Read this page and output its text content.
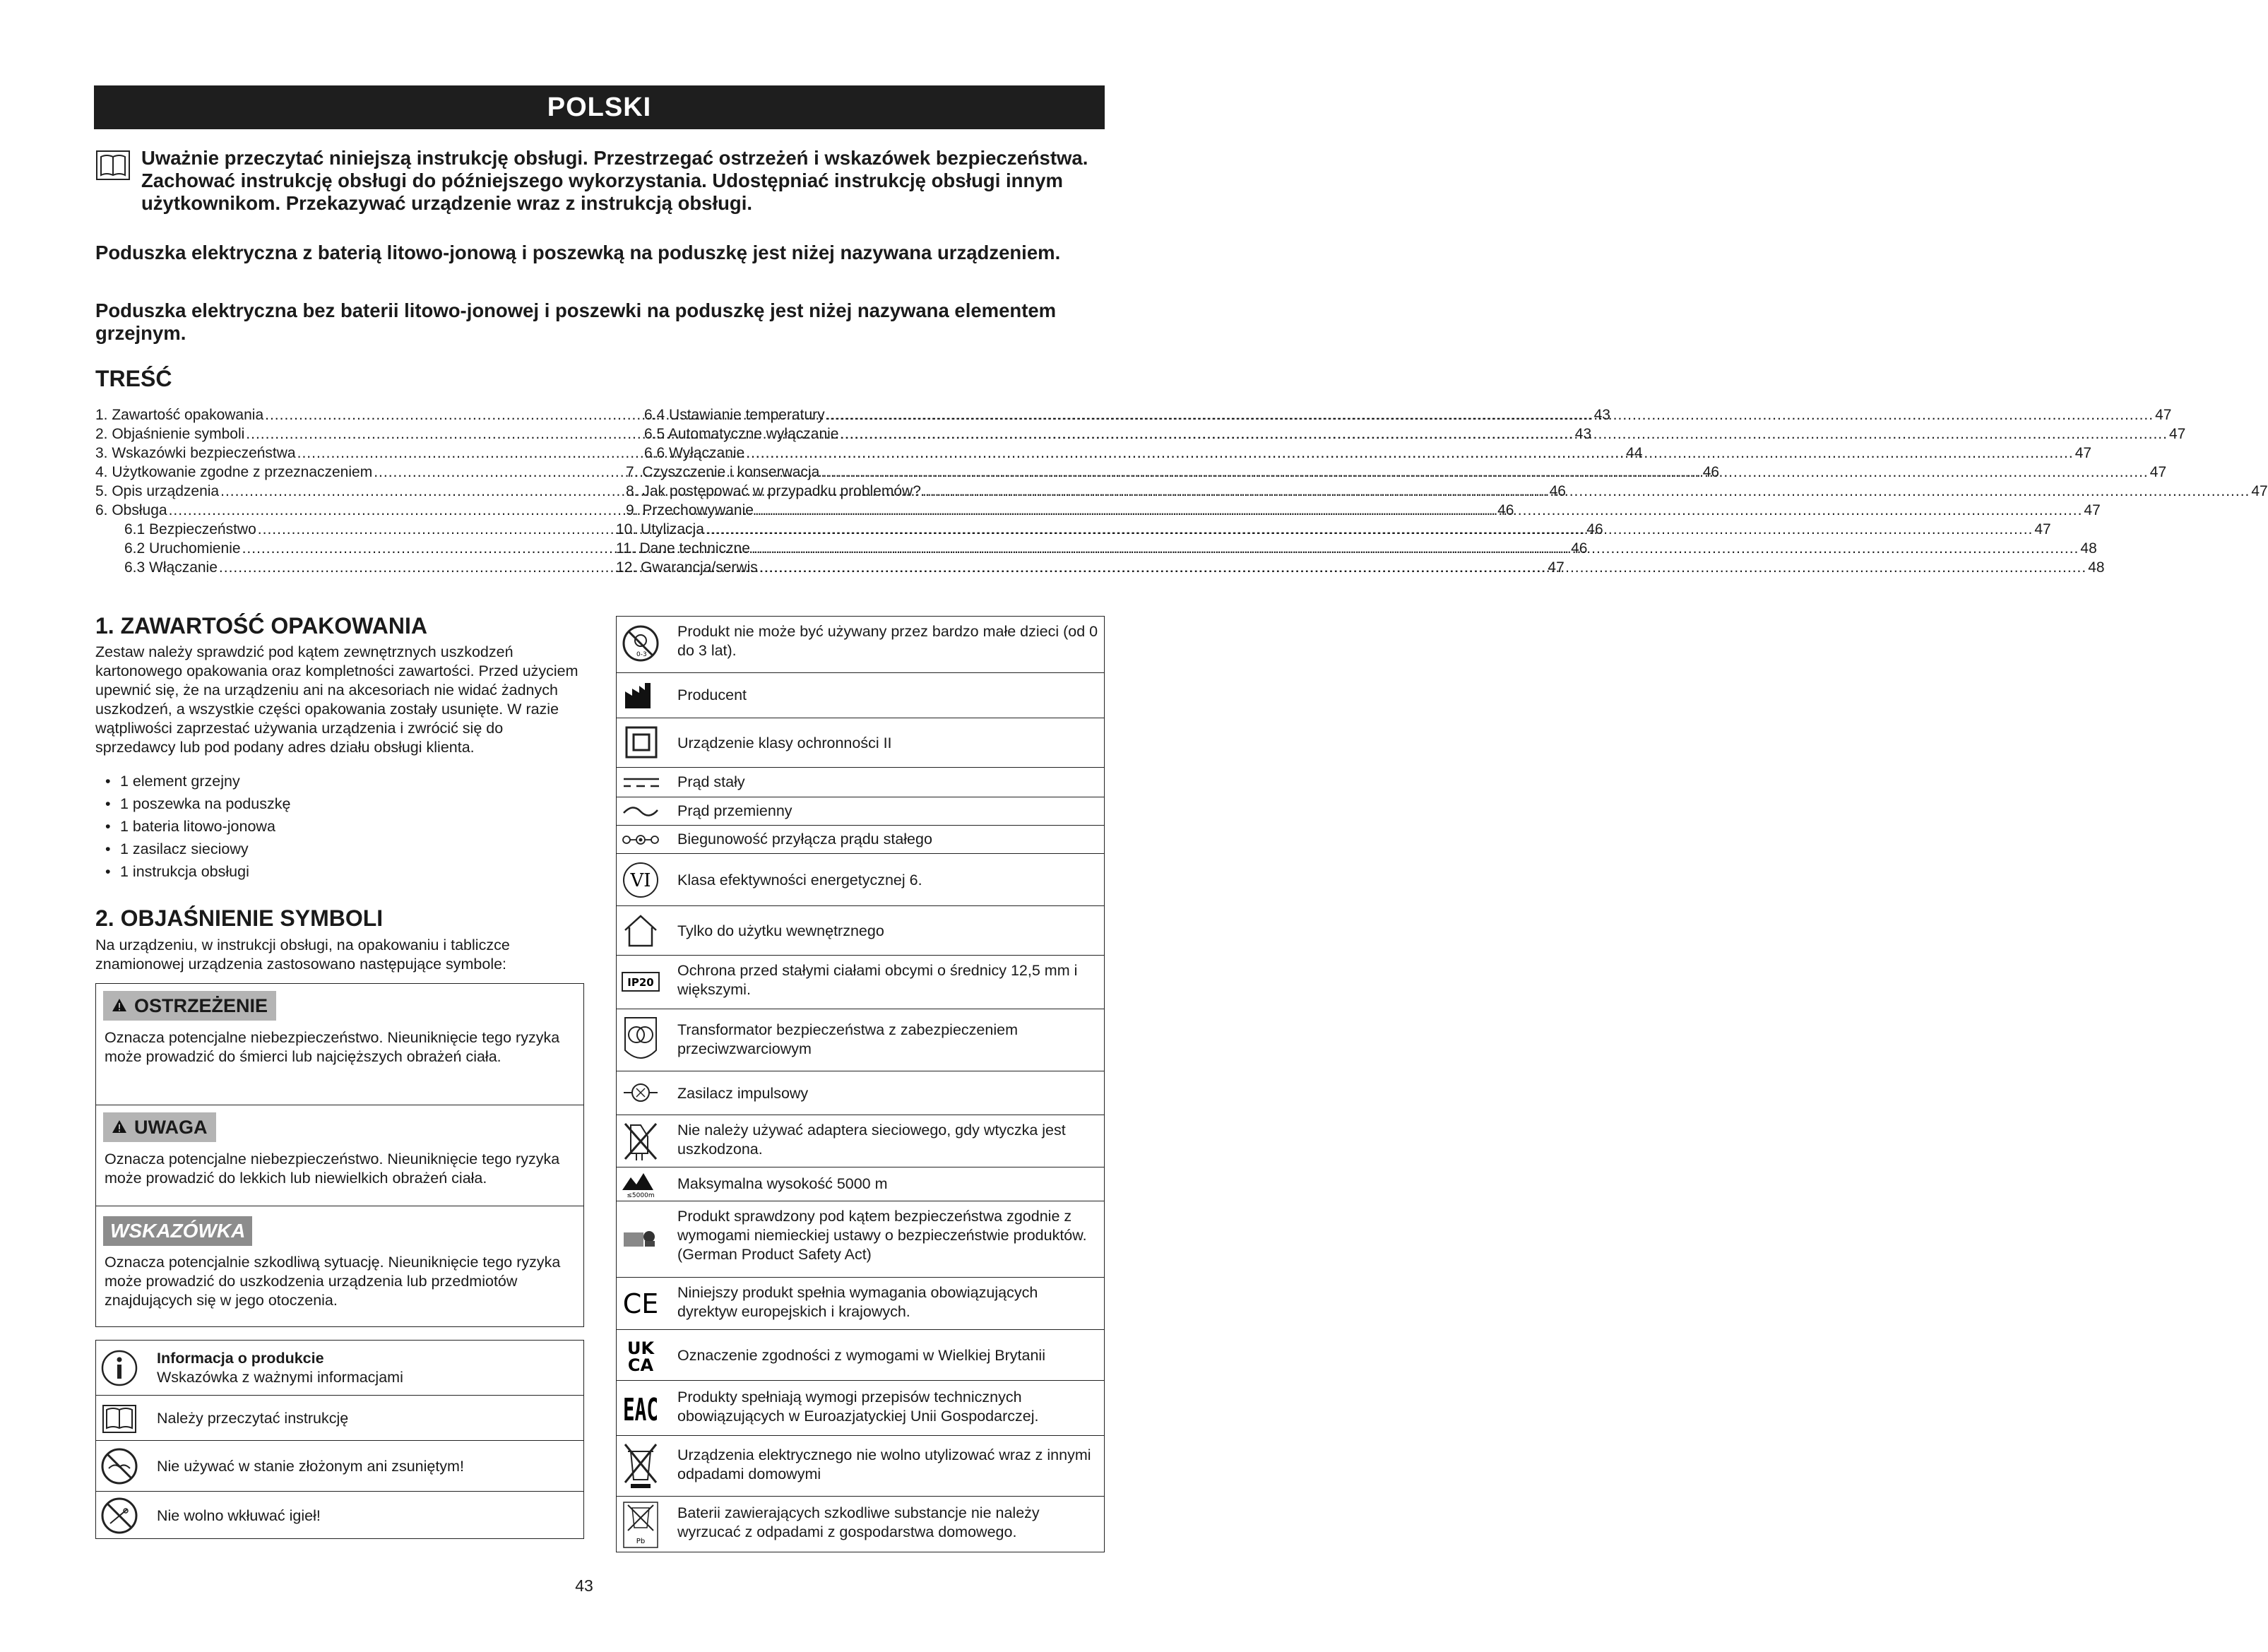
POLSKI
Uważnie przeczytać niniejszą instrukcję obsługi. Przestrzegać ostrzeżeń i wskazówek bezpieczeństwa. Zachować instrukcję obsługi do późniejszego wykorzystania. Udostępniać instrukcję obsługi innym użytkownikom. Przekazywać urządzenie wraz z instrukcją obsługi.
Poduszka elektryczna z baterią litowo-jonową i poszewką na poduszkę jest niżej nazywana urządzeniem.
Poduszka elektryczna bez baterii litowo-jonowej i poszewki na poduszkę jest niżej nazywana elementem grzejnym.
TREŚĆ
1. Zawartość opakowania .....	43
2. Objaśnienie symboli .....	43
3. Wskazówki bezpieczeństwa .....	44
4. Użytkowanie zgodne z przeznaczeniem .....	46
5. Opis urządzenia .....	46
6. Obsługa .....	46
6.1 Bezpieczeństwo .....	46
6.2 Uruchomienie .....	46
6.3 Włączanie .....	47
6.4 Ustawianie temperatury .....	47
6.5 Automatyczne wyłączanie .....	47
6.6 Wyłączanie .....	47
7. Czyszczenie i konserwacja .....	47
8. Jak postępować w przypadku problemów? .....	47
9. Przechowywanie .....	47
10. Utylizacja .....	47
11. Dane techniczne .....	48
12. Gwarancja/serwis .....	48
1. ZAWARTOŚĆ OPAKOWANIA
Zestaw należy sprawdzić pod kątem zewnętrznych uszkodzeń kartonowego opakowania oraz kompletności zawartości. Przed użyciem upewnić się, że na urządzeniu ani na akcesoriach nie widać żadnych uszkodzeń, a wszystkie części opakowania zostały usunięte. W razie wątpliwości zaprzestać używania urządzenia i zwrócić się do sprzedawcy lub pod podany adres działu obsługi klienta.
• 1 element grzejny
• 1 poszewka na poduszkę
• 1 bateria litowo-jonowa
• 1 zasilacz sieciowy
• 1 instrukcja obsługi
2. OBJAŚNIENIE SYMBOLI
Na urządzeniu, w instrukcji obsługi, na opakowaniu i tabliczce znamionowej urządzenia zastosowano następujące symbole:
OSTRZEŻENIE
Oznacza potencjalne niebezpieczeństwo. Nieuniknięcie tego ryzyka może prowadzić do śmierci lub najcięższych obrażeń ciała.
UWAGA
Oznacza potencjalne niebezpieczeństwo. Nieuniknięcie tego ryzyka może prowadzić do lekkich lub niewielkich obrażeń ciała.
WSKAZÓWKA
Oznacza potencjalnie szkodliwą sytuację. Nieuniknięcie tego ryzyka może prowadzić do uszkodzenia urządzenia lub przedmiotów znajdujących się w jego otoczenia.
Informacja o produkcie
Wskazówka z ważnymi informacjami
Należy przeczytać instrukcję
Nie używać w stanie złożonym ani zsuniętym!
Nie wolno wkłuwać igieł!
0-3
Produkt nie może być używany przez bardzo małe dzieci (od 0 do 3 lat).
Producent
Urządzenie klasy ochronności II
Prąd stały
Prąd przemienny
Biegunowość przyłącza prądu stałego
VI Klasa efektywności energetycznej 6.
Tylko do użytku wewnętrznego
IP20
Ochrona przed stałymi ciałami obcymi o średnicy 12,5 mm i większymi.
Transformator bezpieczeństwa z zabezpieczeniem przeciwzwarciowym
Zasilacz impulsowy
Nie należy używać adaptera sieciowego, gdy wtyczka jest uszkodzona.
≤5000m
Maksymalna wysokość 5000 m
Produkt sprawdzony pod kątem bezpieczeństwa zgodnie z wymogami niemieckiej ustawy o bezpieczeństwie produktów. (German Product Safety Act)
CE Niniejszy produkt spełnia wymagania obowiązujących dyrektyw europejskich i krajowych.
UK CA Oznaczenie zgodności z wymogami w Wielkiej Brytanii
EAC Produkty spełniają wymogi przepisów technicznych obowiązujących w Euroazjatyckiej Unii Gospodarczej.
Urządzenia elektrycznego nie wolno utylizować wraz z innymi odpadami domowymi
Pb
Baterii zawierających szkodliwe substancje nie należy wyrzucać z odpadami z gospodarstwa domowego.
43
